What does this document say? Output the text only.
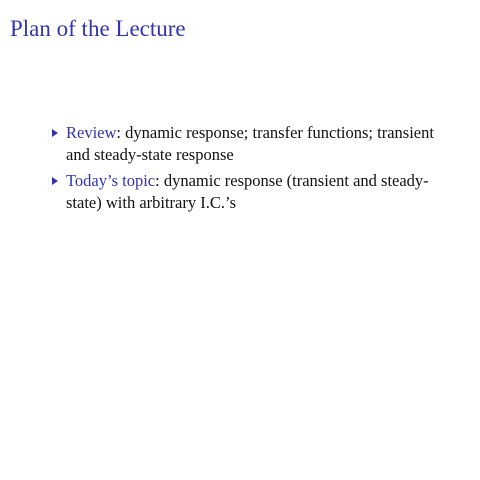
Plan of the Lecture
Review: dynamic response; transfer functions; transient and steady-state response
Today’s topic: dynamic response (transient and steady-state) with arbitrary I.C.’s
